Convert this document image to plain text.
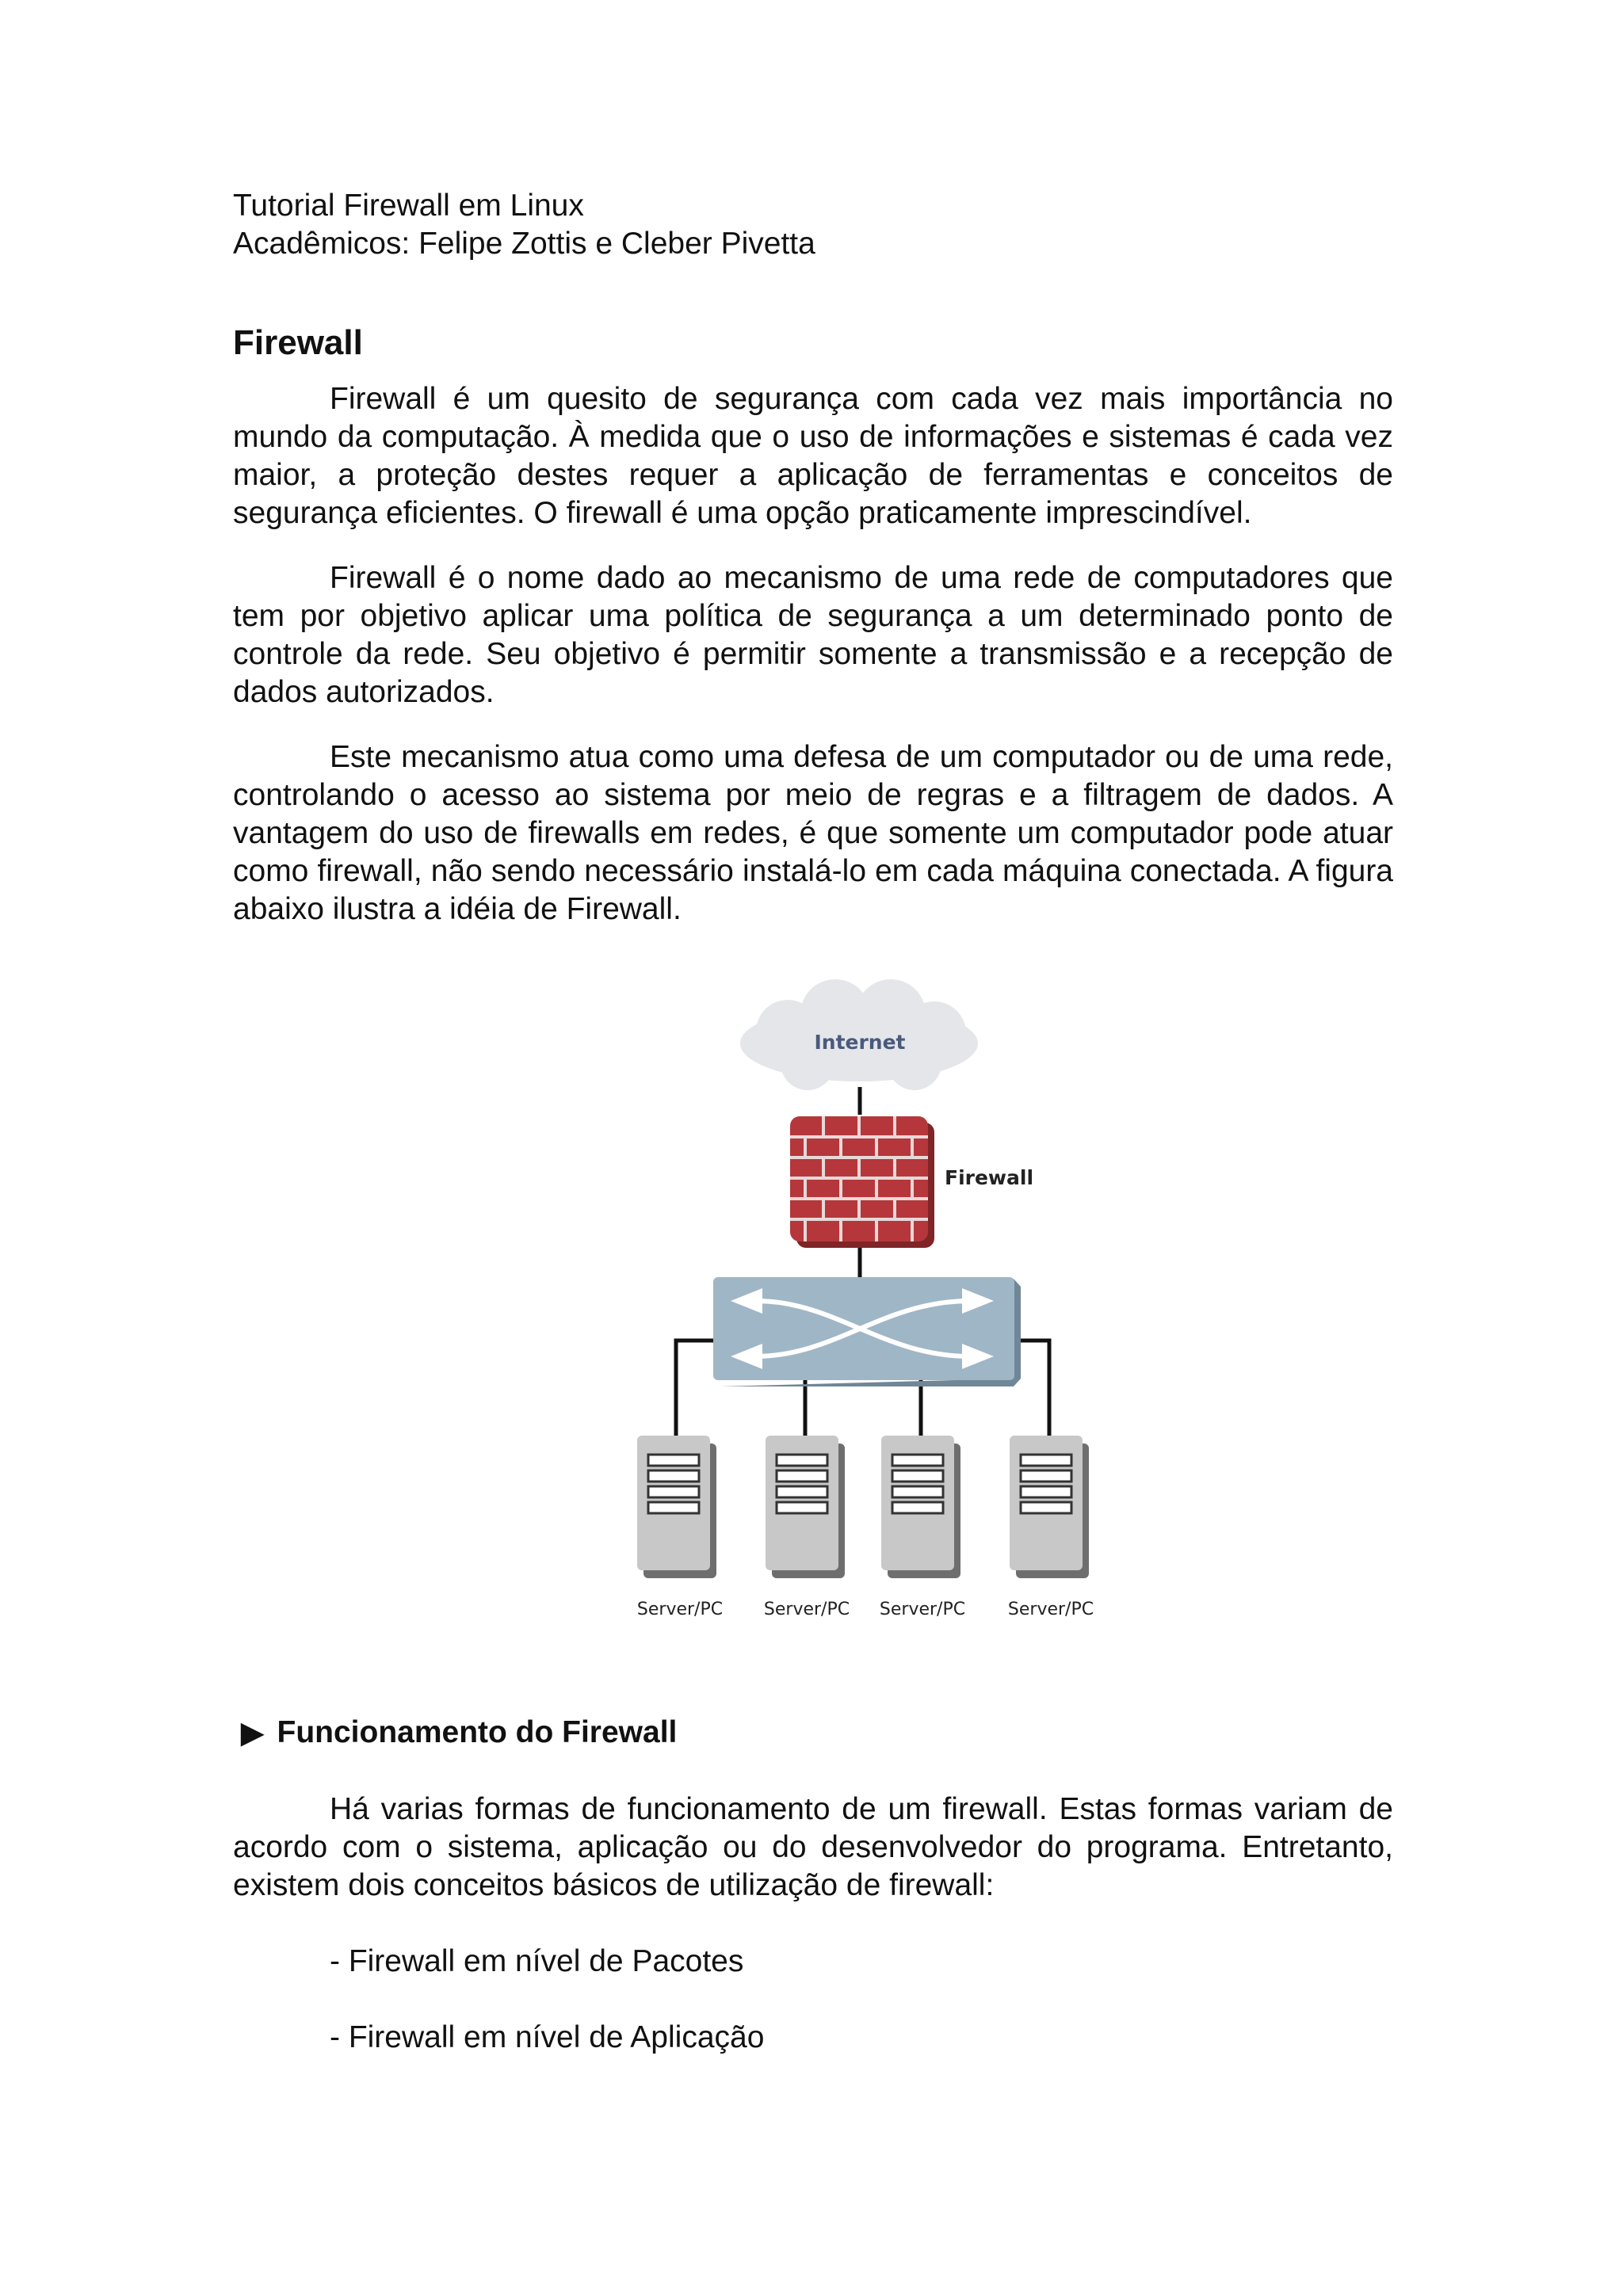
Tutorial Firewall em Linux

Acadêmicos: Felipe Zottis e Cleber Pivetta

Firewall

Firewall é um quesito de segurança com cada vez mais importância no mundo da computação. À medida que o uso de informações e sistemas é cada vez maior, a proteção destes requer a aplicação de ferramentas e conceitos de segurança eficientes. O firewall é uma opção praticamente imprescindível.

Firewall é o nome dado ao mecanismo de uma rede de computadores que tem por objetivo aplicar uma política de segurança a um determinado ponto de controle da rede. Seu objetivo é permitir somente a transmissão e a recepção de dados autorizados.

Este mecanismo atua como uma defesa de um computador ou de uma rede, controlando o acesso ao sistema por meio de regras e a filtragem de dados. A vantagem do uso de firewalls em redes, é que somente um computador pode atuar como firewall, não sendo necessário instalá-lo em cada máquina conectada. A figura abaixo ilustra a idéia de Firewall.

Internet
Firewall
Server/PC Server/PC Server/PC Server/PC
► Funcionamento do Firewall

Há varias formas de funcionamento de um firewall. Estas formas variam de acordo com o sistema, aplicação ou do desenvolvedor do programa. Entretanto, existem dois conceitos básicos de utilização de firewall:

- Firewall em nível de Pacotes

- Firewall em nível de Aplicação
